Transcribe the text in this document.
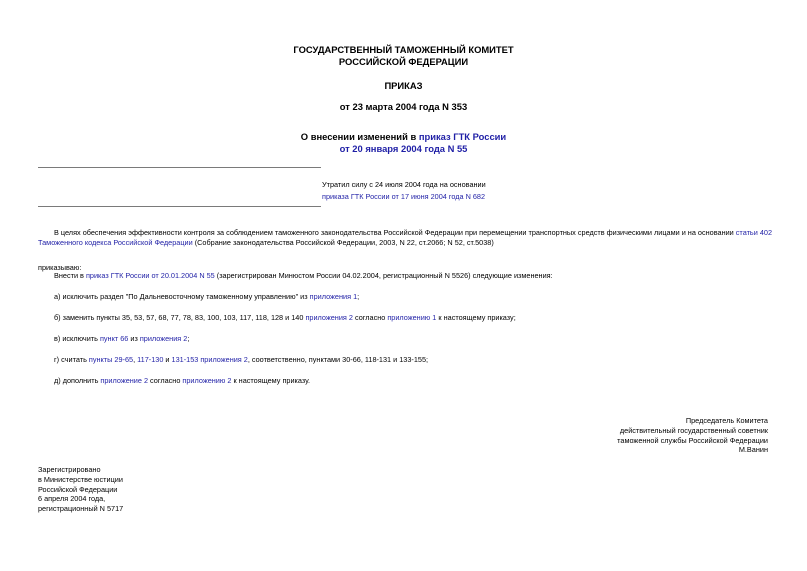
ГОСУДАРСТВЕННЫЙ ТАМОЖЕННЫЙ КОМИТЕТ
РОССИЙСКОЙ ФЕДЕРАЦИИ
ПРИКАЗ
от 23 марта 2004 года N 353
О внесении изменений в приказ ГТК России
от 20 января 2004 года N 55
Утратил силу с 24 июля 2004 года на основании
приказа ГТК России от 17 июня 2004 года N 682
В целях обеспечения эффективности контроля за соблюдением таможенного законодательства Российской Федерации при перемещении транспортных средств физическими лицами и на основании статьи 402
Таможенного кодекса Российской Федерации (Собрание законодательства Российской Федерации, 2003, N 22, ст.2066; N 52, ст.5038)
приказываю:
Внести в приказ ГТК России от 20.01.2004 N 55 (зарегистрирован Минюстом России 04.02.2004, регистрационный N 5526) следующие изменения:
а) исключить раздел "По Дальневосточному таможенному управлению" из приложения 1;
б) заменить пункты 35, 53, 57, 68, 77, 78, 83, 100, 103, 117, 118, 128 и 140 приложения 2 согласно приложению 1 к настоящему приказу;
в) исключить пункт 66 из приложения 2;
г) считать пункты 29-65, 117-130 и 131-153 приложения 2, соответственно, пунктами 30-66, 118-131 и 133-155;
д) дополнить приложение 2 согласно приложению 2 к настоящему приказу.
Председатель Комитета
действительный государственный советник
таможенной службы Российской Федерации
М.Ванин
Зарегистрировано
в Министерстве юстиции
Российской Федерации
6 апреля 2004 года,
регистрационный N 5717
